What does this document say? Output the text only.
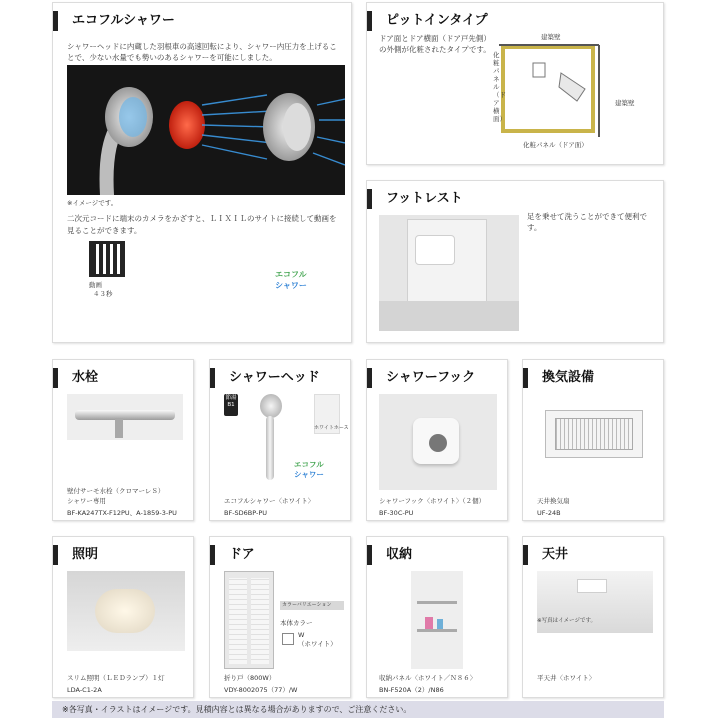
エコフルシャワー
シャワーヘッドに内蔵した羽根車の高速回転により、シャワー内圧力を上げることで、少ない水量でも勢いのあるシャワーを可能にしました。
※イメージです。
二次元コードに端末のカメラをかざすと、ＬＩＸＩＬのサイトに接続して動画を見ることができます。
動画
４３秒
エコフル
シャワー
ピットインタイプ
ドア面とドア横面（ドア戸先側）の外側が化粧されたタイプです。
建築壁
建築壁
化粧パネル（ドア横面）
化粧パネル（ドア面）
フットレスト
足を乗せて洗うことができて便利です。
水栓
壁付サーモ水栓（クロマーレＳ）
シャワー専用
BF-KA247TX-F12PU、A-1859-3-PU
シャワーヘッド
節湯B1
ホワイトホース
エコフル
シャワー
エコフルシャワー〈ホワイト〉
BF-SD6BP-PU
シャワーフック
シャワーフック〈ホワイト〉（２個）
BF-30C-PU
換気設備
天井換気扇
UF-24B
照明
スリム照明（ＬＥＤランプ）１灯
LDA-C1-2A
ドア
カラーバリエーション
本体カラー
W
（ホワイト）
折り戸（800W）
VDY-8002075（77）/W
収納
収納パネル〈ホワイト／Ｎ８６〉
BN-F520A（2）/N86
天井
※写真はイメージです。
平天井〈ホワイト〉
※各写真・イラストはイメージです。見積内容とは異なる場合がありますので、ご注意ください。
